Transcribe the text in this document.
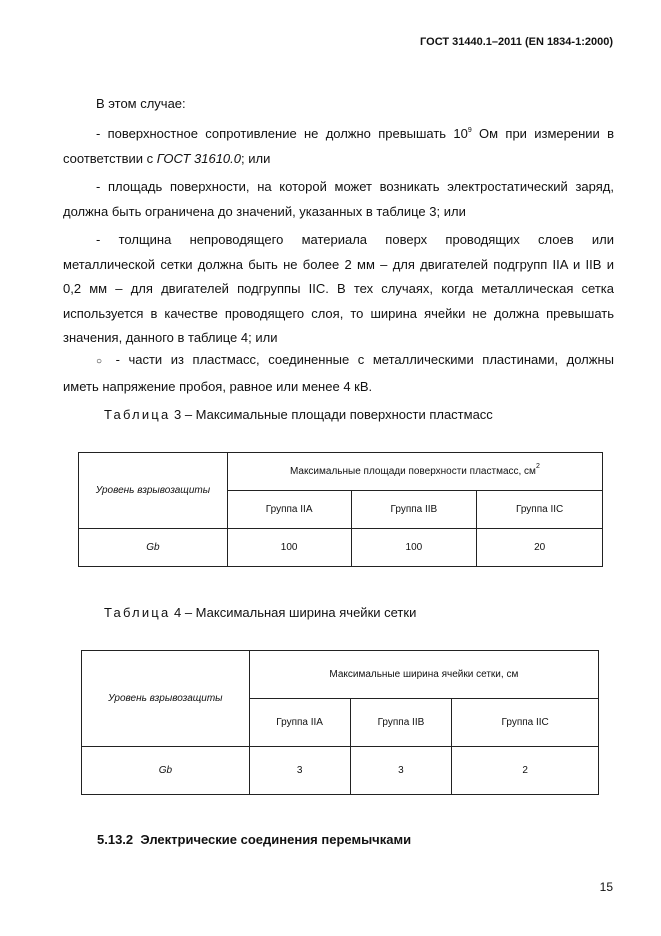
ГОСТ 31440.1–2011 (EN 1834-1:2000)
В этом случае:
- поверхностное сопротивление не должно превышать $10^9$ Ом при измерении в
соответствии с ГОСТ 31610.0; или
- площадь поверхности, на которой может возникать электростатический заряд,
должна быть ограничена до значений, указанных в таблице 3; или
- толщина непроводящего материала поверх проводящих слоев или
металлической сетки должна быть не более 2 мм – для двигателей подгрупп IIA и IIB и
0,2 мм – для двигателей подгруппы IIC. В тех случаях, когда металлическая сетка
используется в качестве проводящего слоя, то ширина ячейки не должна превышать
значения, данного в таблице 4; или
○ - части из пластмасс, соединенные с металлическими пластинами, должны
иметь напряжение пробоя, равное или менее 4 кВ.
Таблица 3 – Максимальные площади поверхности пластмасс
Уровень взрывозащиты	Максимальные площади поверхности пластмасс, $см^2$
	Группа IIA	Группа IIB	Группа IIC
Gb	100	100	20
Таблица 4 – Максимальная ширина ячейки сетки
Уровень взрывозащиты	Максимальные ширина ячейки сетки, см		
	Группа IIA	Группа IIB	Группа IIC
Gb	3	3	2
5.13.2 Электрические соединения перемычками
15
